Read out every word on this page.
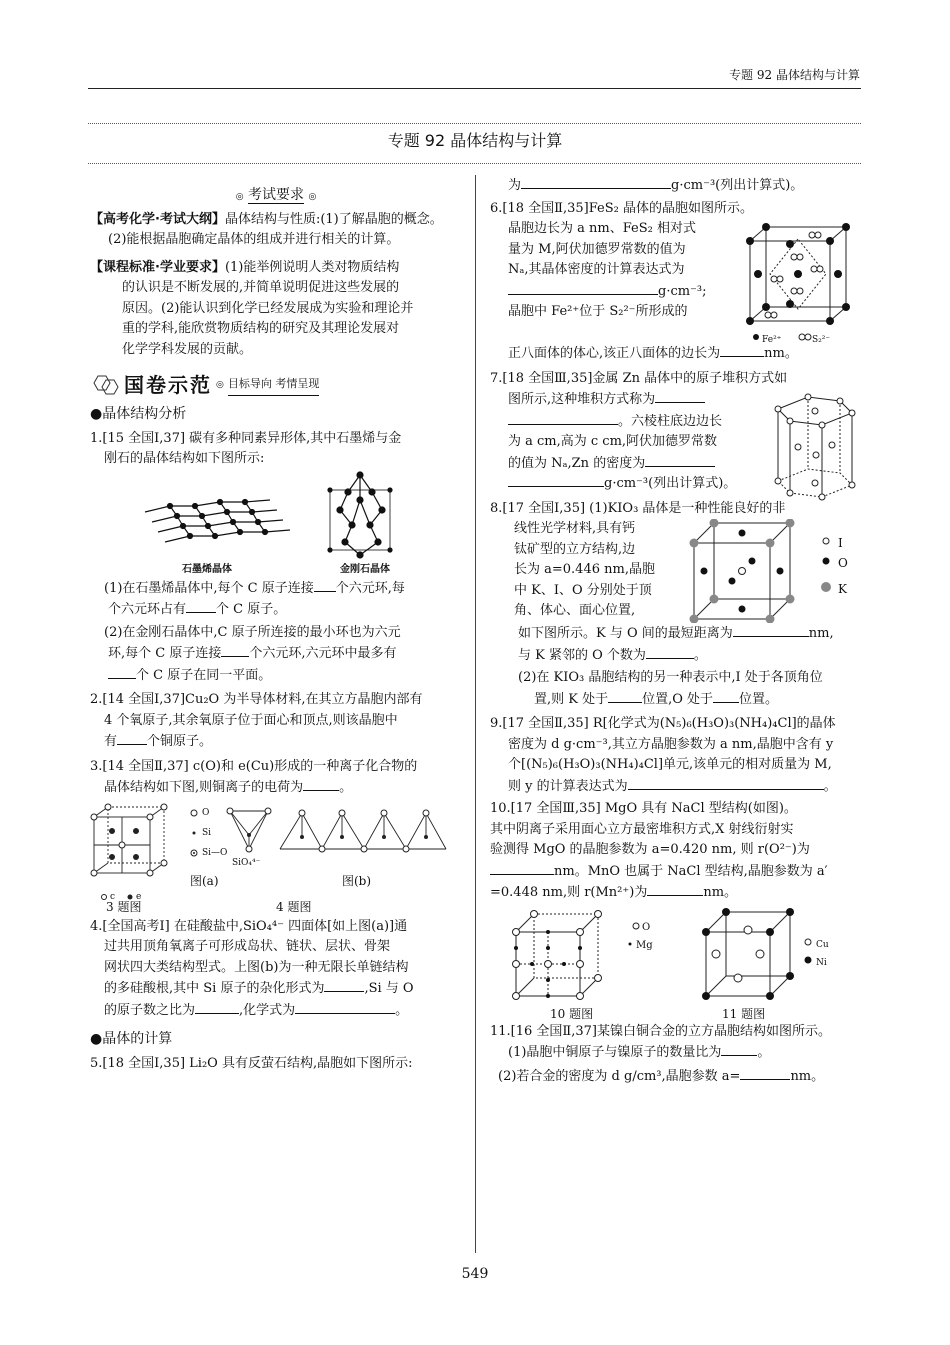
专题 92 晶体结构与计算
专题 92 晶体结构与计算
◎ 考试要求 ◎

【高考化学·考试大纲】晶体结构与性质:(1)了解晶胞的概念。

(2)能根据晶胞确定晶体的组成并进行相关的计算。

【课程标准·学业要求】(1)能举例说明人类对物质结构

的认识是不断发展的,并简单说明促进这些发展的

原因。(2)能认识到化学已经发展成为实验和理论并

重的学科,能欣赏物质结构的研究及其理论发展对

化学学科发展的贡献。

国卷示范 ◎ 目标导向 考情呈现

●晶体结构分析

1.[15 全国Ⅰ,37] 碳有多种同素异形体,其中石墨烯与金

刚石的晶体结构如下图所示:

石墨烯晶体	金刚石晶体

(1)在石墨烯晶体中,每个 C 原子连接 个六元环,每

个六元环占有 个 C 原子。

(2)在金刚石晶体中,C 原子所连接的最小环也为六元

环,每个 C 原子连接 个六元环,六元环中最多有

个 C 原子在同一平面。

2.[14 全国Ⅰ,37]Cu₂O 为半导体材料,在其立方晶胞内部有

4 个氧原子,其余氧原子位于面心和顶点,则该晶胞中

有 个铜原子。

3.[14 全国Ⅱ,37] c(O)和 e(Cu)形成的一种离子化合物的

晶体结构如下图,则铜离子的电荷为	。

O
Si
Si—O
SiO₄⁴⁻
c e
图(a)	图(b)
3 题图	4 题图

4.[全国高考Ⅰ] 在硅酸盐中,SiO₄⁴⁻ 四面体[如上图(a)]通

过共用顶角氧离子可形成岛状、链状、层状、骨架

网状四大类结构型式。上图(b)为一种无限长单链结构

的多硅酸根,其中 Si 原子的杂化形式为	,Si 与 O

的原子数之比为	,化学式为	。

●晶体的计算

5.[18 全国Ⅰ,35] Li₂O 具有反萤石结构,晶胞如下图所示:

为	g·cm⁻³(列出计算式)。

6.[18 全国Ⅱ,35]FeS₂ 晶体的晶胞如图所示。

晶胞边长为 a nm、FeS₂ 相对式

量为 M,阿伏加德罗常数的值为

Nₐ,其晶体密度的计算表达式为

g·cm⁻³;

晶胞中 Fe²⁺位于 S₂²⁻所形成的

Fe²⁺	S₂²⁻

正八面体的体心,该正八面体的边长为	nm。

7.[18 全国Ⅲ,35]金属 Zn 晶体中的原子堆积方式如

图所示,这种堆积方式称为

。六棱柱底边边长

为 a cm,高为 c cm,阿伏加德罗常数

的值为 Nₐ,Zn 的密度为

g·cm⁻³(列出计算式)。

8.[17 全国Ⅰ,35] (1)KIO₃ 晶体是一种性能良好的非

线性光学材料,具有钙

钛矿型的立方结构,边

长为 a=0.446 nm,晶胞

中 K、I、O 分别处于顶

角、体心、面心位置,

I
O
K

如下图所示。K 与 O 间的最短距离为	nm,

与 K 紧邻的 O 个数为	。

(2)在 KIO₃ 晶胞结构的另一种表示中,I 处于各顶角位

置,则 K 处于	位置,O 处于 位置。

9.[17 全国Ⅱ,35] R[化学式为(N₅)₆(H₃O)₃(NH₄)₄Cl]的晶体

密度为 d g·cm⁻³,其立方晶胞参数为 a nm,晶胞中含有 y

个[(N₅)₆(H₃O)₃(NH₄)₄Cl]单元,该单元的相对质量为 M,

则 y 的计算表达式为	。

10.[17 全国Ⅲ,35] MgO 具有 NaCl 型结构(如图)。

其中阴离子采用面心立方最密堆积方式,X 射线衍射实

验测得 MgO 的晶胞参数为 a=0.420 nm, 则 r(O²⁻)为

nm。MnO 也属于 NaCl 型结构,晶胞参数为 a′

=0.448 nm,则 r(Mn²⁺)为	nm。

O
Mg	Cu
Ni
10 题图	11 题图

11.[16 全国Ⅱ,37]某镍白铜合金的立方晶胞结构如图所示。

(1)晶胞中铜原子与镍原子的数量比为	。

(2)若合金的密度为 d g/cm³,晶胞参数 a=	nm。

549
